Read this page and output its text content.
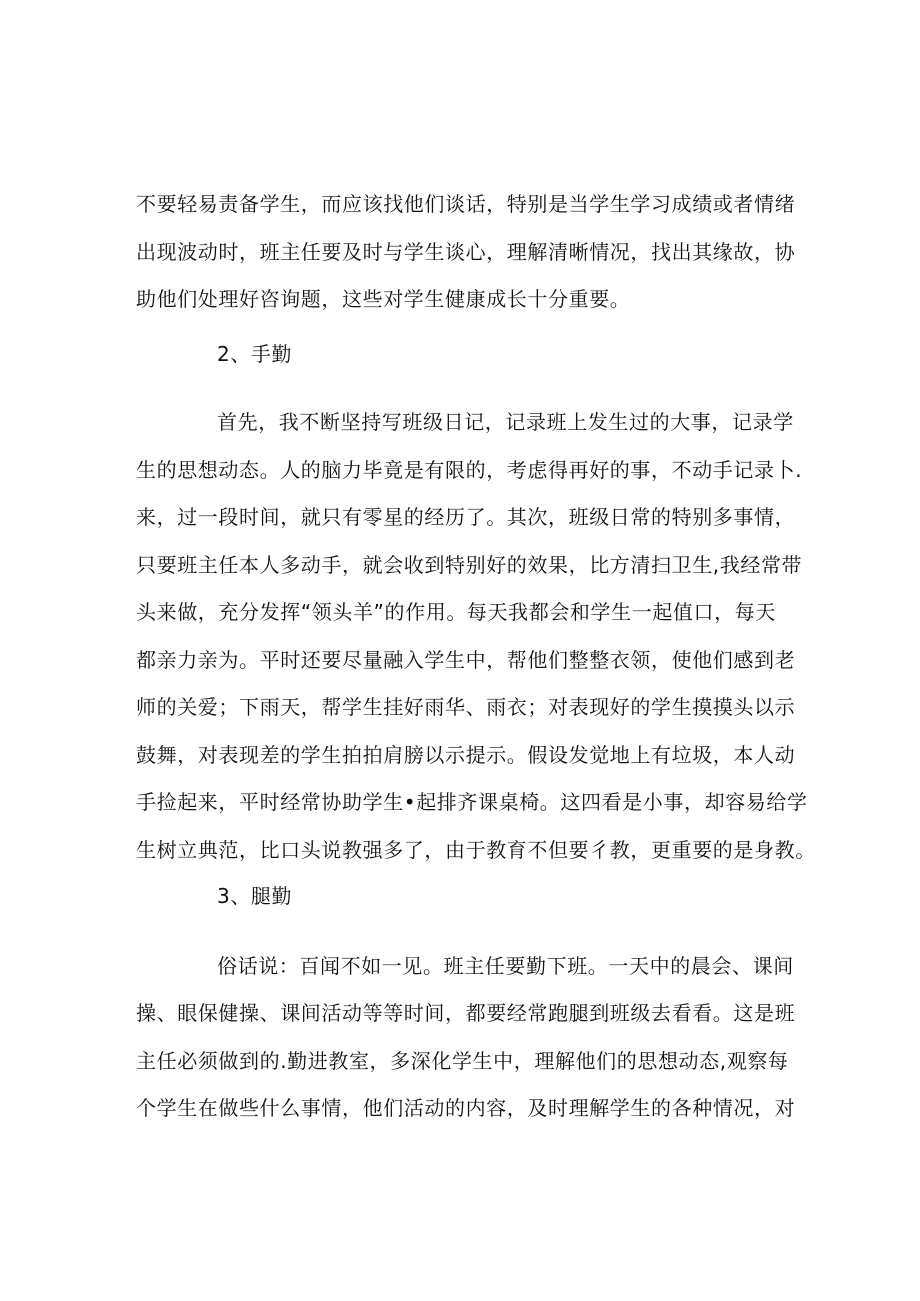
不要轻易责备学生，而应该找他们谈话，特别是当学生学习成绩或者情绪

出现波动时，班主任要及时与学生谈心，理解清晰情况，找出其缘故，协

助他们处理好咨询题，这些对学生健康成长十分重要。

2、手勤

首先，我不断坚持写班级日记，记录班上发生过的大事，记录学

生的思想动态。人的脑力毕竟是有限的，考虑得再好的事，不动手记录卜.

来，过一段时间，就只有零星的经历了。其次，班级日常的特别多事情，

只要班主任本人多动手，就会收到特别好的效果，比方清扫卫生,我经常带

头来做，充分发挥“领头羊”的作用。每天我都会和学生一起值口，每天

都亲力亲为。平时还要尽量融入学生中，帮他们整整衣领，使他们感到老

师的关爱；下雨天，帮学生挂好雨华、雨衣；对表现好的学生摸摸头以示

鼓舞，对表现差的学生拍拍肩膀以示提示。假设发觉地上有垃圾，本人动

手捡起来，平时经常协助学生•起排齐课桌椅。这四看是小事，却容易给学

生树立典范，比口头说教强多了，由于教育不但要彳教，更重要的是身教。

3、腿勤

俗话说：百闻不如一见。班主任要勤下班。一天中的晨会、课间

操、眼保健操、课间活动等等时间，都要经常跑腿到班级去看看。这是班

主任必须做到的.勤进教室，多深化学生中，理解他们的思想动态,观察每

个学生在做些什么事情，他们活动的内容，及时理解学生的各种情况，对
